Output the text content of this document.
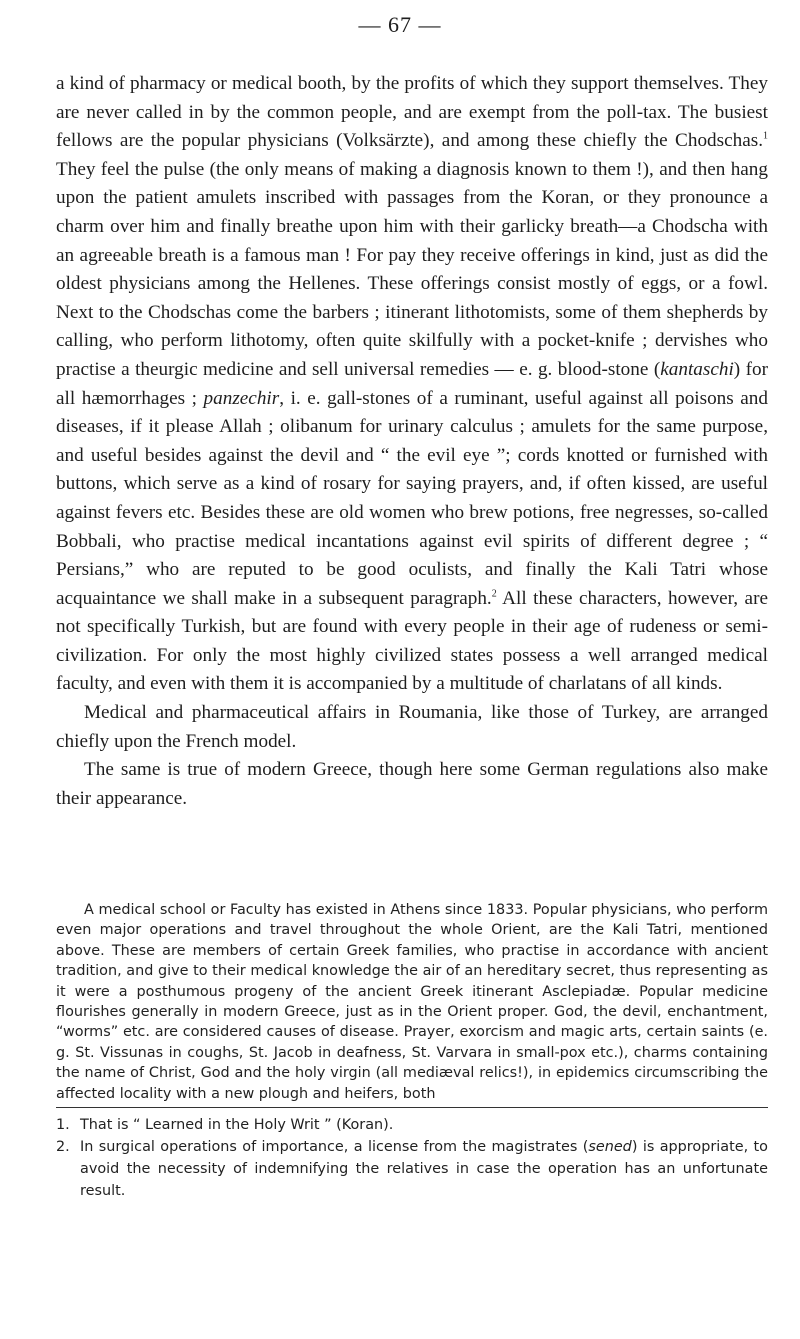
— 67 —

a kind of pharmacy or medical booth, by the profits of which they support themselves. They are never called in by the common people, and are exempt from the poll-tax. The busiest fellows are the popular physicians (Volksärzte), and among these chiefly the Chodschas.$^1$ They feel the pulse (the only means of making a diagnosis known to them !), and then hang upon the patient amulets inscribed with passages from the Koran, or they pronounce a charm over him and finally breathe upon him with their garlicky breath—a Chodscha with an agreeable breath is a famous man ! For pay they receive offerings in kind, just as did the oldest physicians among the Hellenes. These offerings consist mostly of eggs, or a fowl. Next to the Chodschas come the barbers ; itinerant lithotomists, some of them shepherds by calling, who perform lithotomy, often quite skilfully with a pocket-knife ; dervishes who practise a theurgic medicine and sell universal remedies — e. g. blood-stone (kantaschi) for all hæmorrhages ; panzechir, i. e. gall-stones of a ruminant, useful against all poisons and diseases, if it please Allah ; olibanum for urinary calculus ; amulets for the same purpose, and useful besides against the devil and “ the evil eye ”; cords knotted or furnished with buttons, which serve as a kind of rosary for saying prayers, and, if often kissed, are useful against fevers etc. Besides these are old women who brew potions, free negresses, so-called Bobbali, who practise medical incantations against evil spirits of different degree ; “ Persians,” who are reputed to be good oculists, and finally the Kali Tatri whose acquaintance we shall make in a subsequent paragraph.$^2$ All these characters, however, are not specifically Turkish, but are found with every people in their age of rudeness or semi-civilization. For only the most highly civilized states possess a well arranged medical faculty, and even with them it is accompanied by a multitude of charlatans of all kinds.

Medical and pharmaceutical affairs in Roumania, like those of Turkey, are arranged chiefly upon the French model.

The same is true of modern Greece, though here some German regulations also make their appearance.

A medical school or Faculty has existed in Athens since 1833. Popular physicians, who perform even major operations and travel throughout the whole Orient, are the Kali Tatri, mentioned above. These are members of certain Greek families, who practise in accordance with ancient tradition, and give to their medical knowledge the air of an hereditary secret, thus representing as it were a posthumous progeny of the ancient Greek itinerant Asclepiadæ. Popular medicine flourishes generally in modern Greece, just as in the Orient proper. God, the devil, enchantment, “worms” etc. are considered causes of disease. Prayer, exorcism and magic arts, certain saints (e. g. St. Vissunas in coughs, St. Jacob in deafness, St. Varvara in small-pox etc.), charms containing the name of Christ, God and the holy virgin (all mediæval relics!), in epidemics circumscribing the affected locality with a new plough and heifers, both
1. That is “ Learned in the Holy Writ ” (Koran).
2. In surgical operations of importance, a license from the magistrates (sened) is appropriate, to avoid the necessity of indemnifying the relatives in case the operation has an unfortunate result.
